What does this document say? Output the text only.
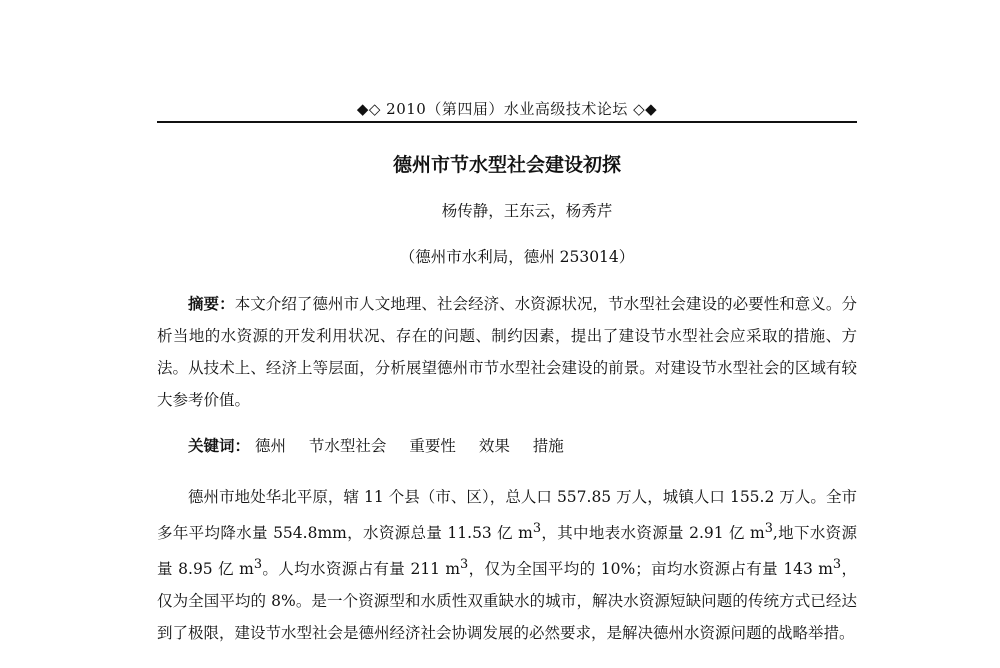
◆◇ 2010（第四届）水业高级技术论坛 ◇◆
德州市节水型社会建设初探
杨传静，王东云，杨秀芹
（德州市水利局，德州 253014）
摘要：本文介绍了德州市人文地理、社会经济、水资源状况，节水型社会建设的必要性和意义。分析当地的水资源的开发利用状况、存在的问题、制约因素，提出了建设节水型社会应采取的措施、方法。从技术上、经济上等层面，分析展望德州市节水型社会建设的前景。对建设节水型社会的区域有较大参考价值。
关键词： 德州 节水型社会 重要性 效果 措施
德州市地处华北平原，辖 11 个县（市、区），总人口 557.85 万人，城镇人口 155.2 万人。全市多年平均降水量 554.8mm，水资源总量 11.53 亿 $m^3$，其中地表水资源量 2.91 亿 $m^3$,地下水资源量 8.95 亿 $m^3$。人均水资源占有量 211 $m^3$，仅为全国平均的 10%；亩均水资源占有量 143 $m^3$，仅为全国平均的 8%。是一个资源型和水质性双重缺水的城市，解决水资源短缺问题的传统方式已经达到了极限，建设节水型社会是德州经济社会协调发展的必然要求，是解决德州水资源问题的战略举措。
